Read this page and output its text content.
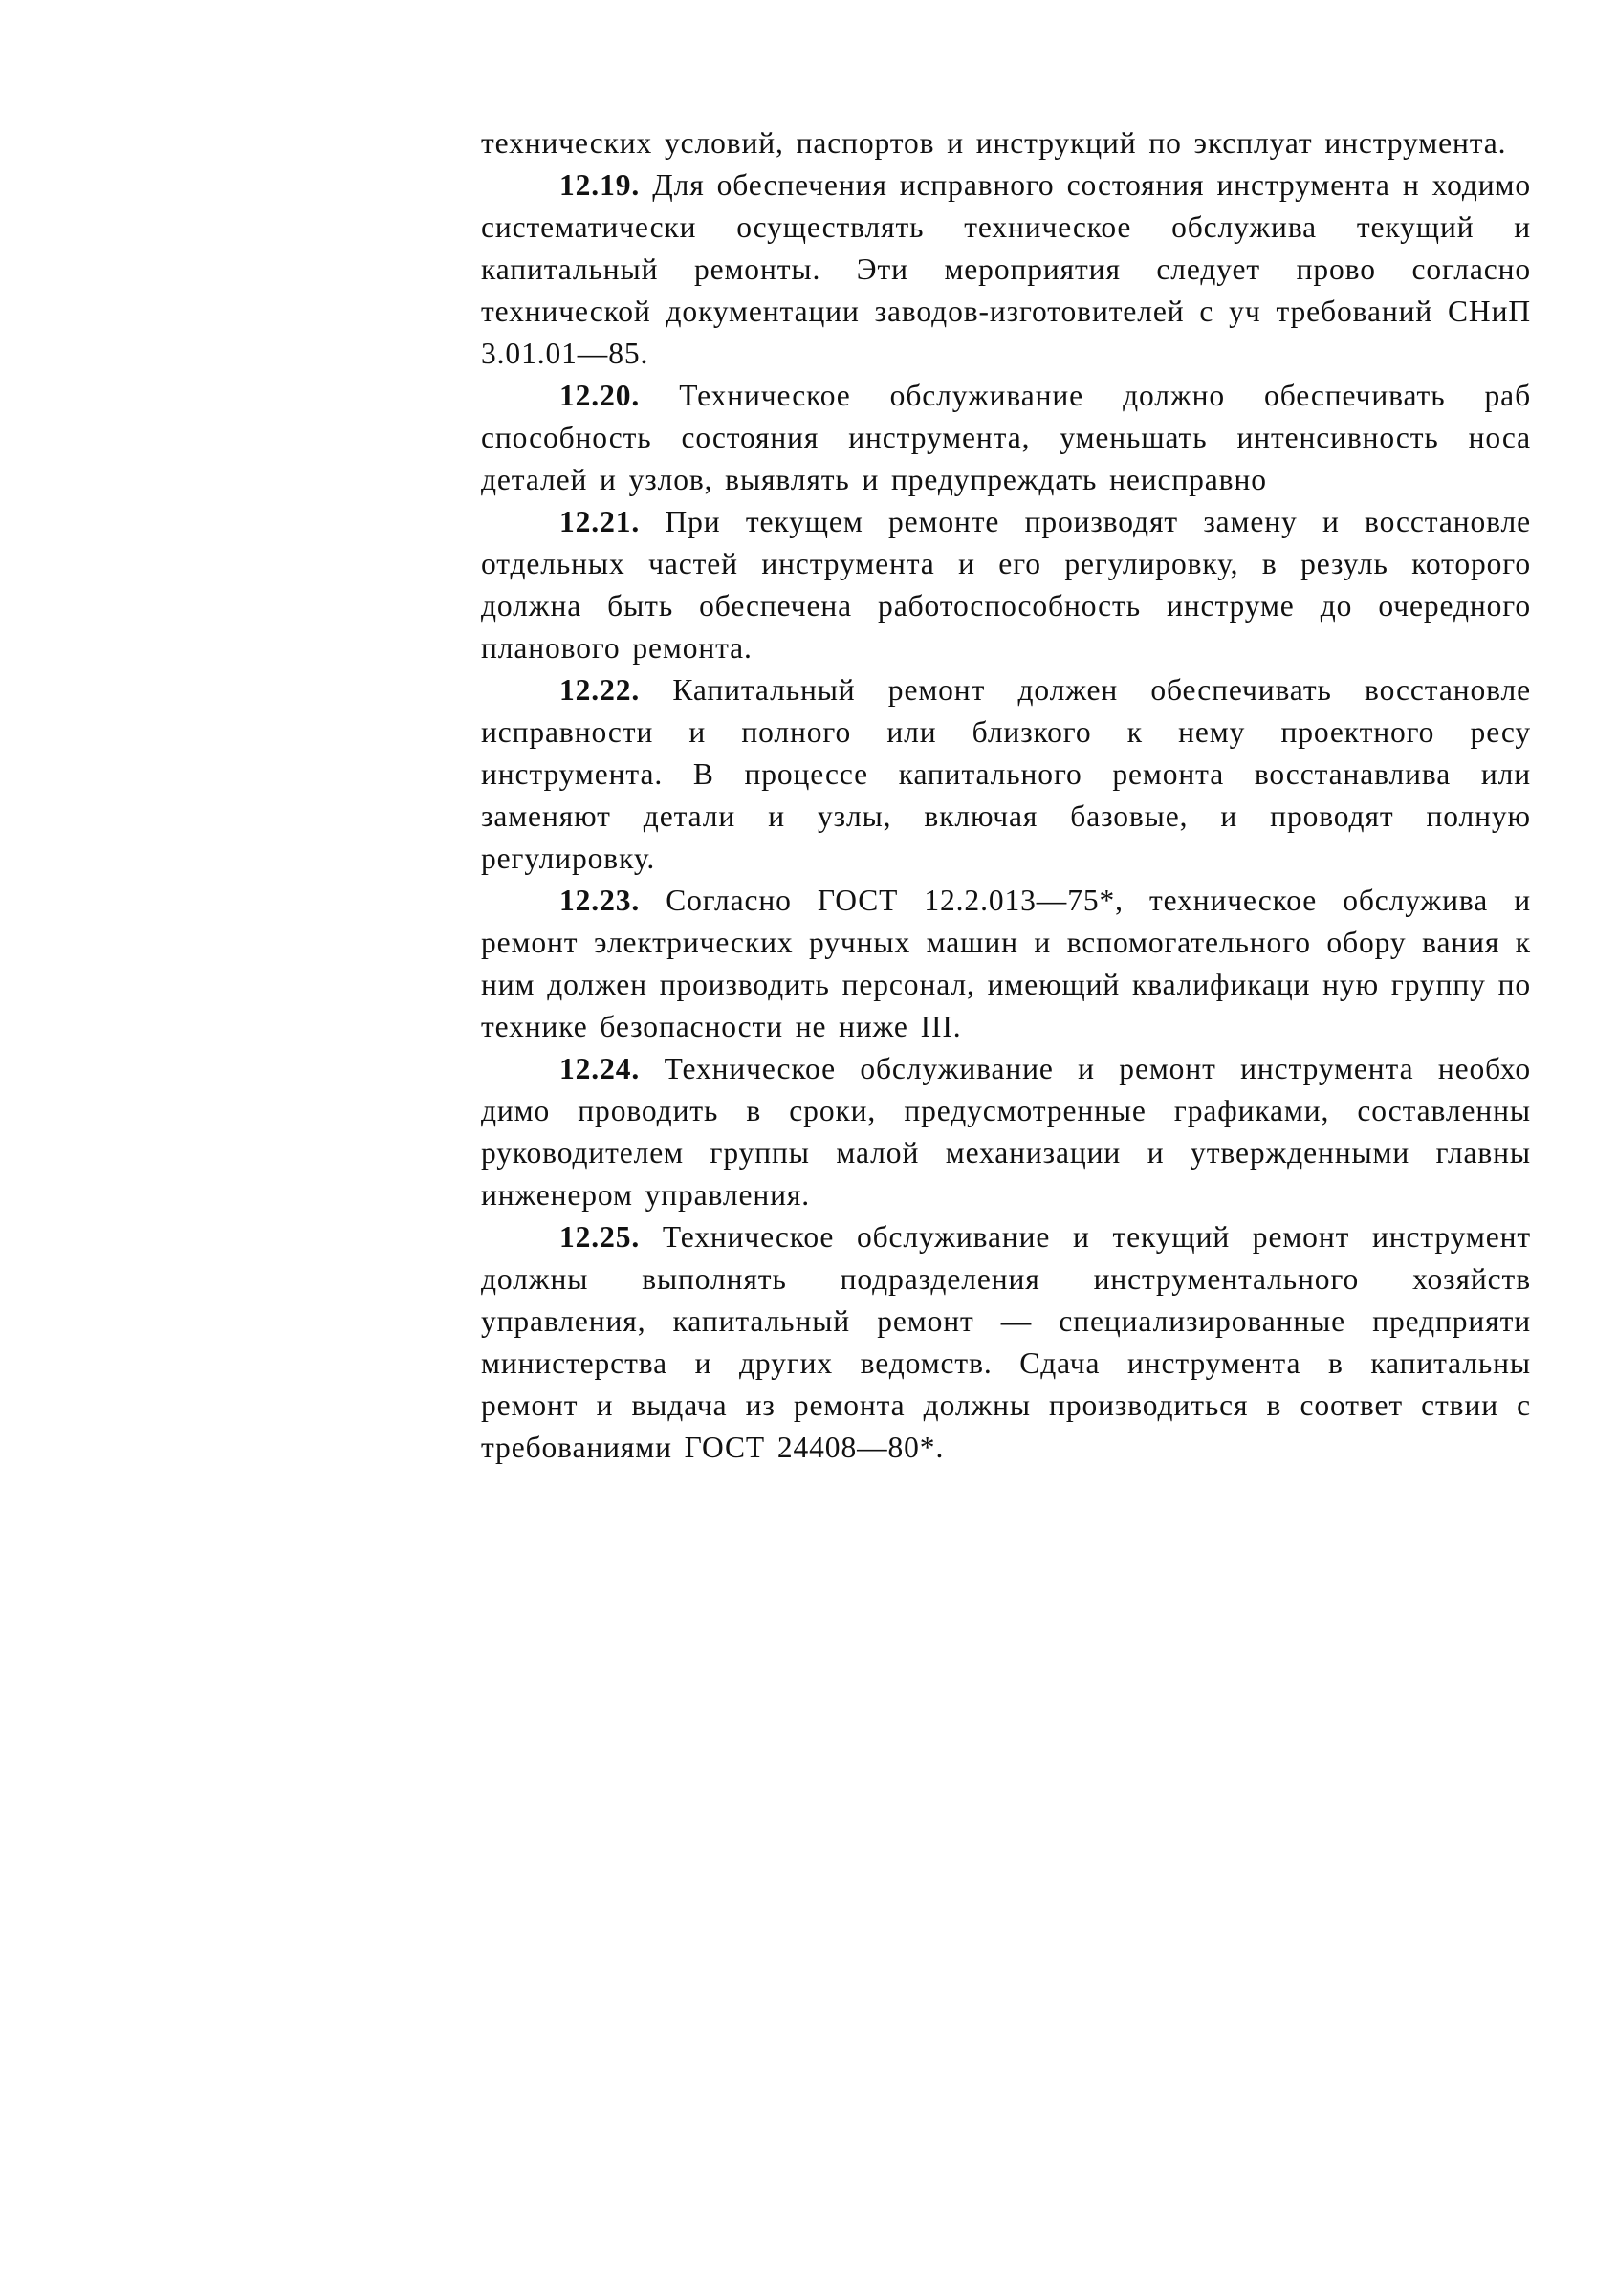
технических условий, паспортов и инструкций по эксплуат инструмента.

12.19. Для обеспечения исправного состояния инструмента н ходимо систематически осуществлять техническое обслужива текущий и капитальный ремонты. Эти мероприятия следует прово согласно технической документации заводов-изготовителей с уч требований СНиП 3.01.01—85.

12.20. Техническое обслуживание должно обеспечивать раб способность состояния инструмента, уменьшать интенсивность носа деталей и узлов, выявлять и предупреждать неисправно

12.21. При текущем ремонте производят замену и восстановле отдельных частей инструмента и его регулировку, в резуль которого должна быть обеспечена работоспособность инструме до очередного планового ремонта.

12.22. Капитальный ремонт должен обеспечивать восстановле исправности и полного или близкого к нему проектного ресу инструмента. В процессе капитального ремонта восстанавлива или заменяют детали и узлы, включая базовые, и проводят полную регулировку.

12.23. Согласно ГОСТ 12.2.013—75*, техническое обслужива и ремонт электрических ручных машин и вспомогательного обору вания к ним должен производить персонал, имеющий квалификаци ную группу по технике безопасности не ниже III.

12.24. Техническое обслуживание и ремонт инструмента необхо димо проводить в сроки, предусмотренные графиками, составленны руководителем группы малой механизации и утвержденными главны инженером управления.

12.25. Техническое обслуживание и текущий ремонт инструмент должны выполнять подразделения инструментального хозяйств управления, капитальный ремонт — специализированные предприяти министерства и других ведомств. Сдача инструмента в капитальны ремонт и выдача из ремонта должны производиться в соответ ствии с требованиями ГОСТ 24408—80*.
